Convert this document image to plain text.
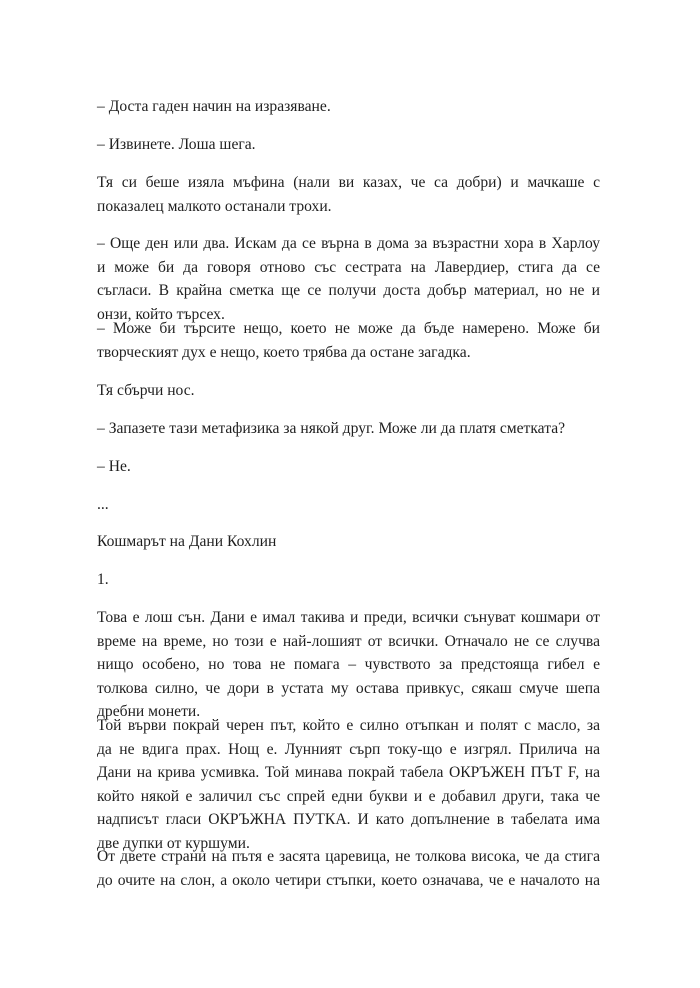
– Доста гаден начин на изразяване.

– Извинете. Лоша шега.

Тя си беше изяла мъфина (нали ви казах, че са добри) и мачкаше с
показалец малкото останали трохи.

– Още ден или два. Искам да се върна в дома за възрастни хора в Харлоу
и може би да говоря отново със сестрата на Лавердиер, стига да се
съгласи. В крайна сметка ще се получи доста добър материал, но не и
онзи, който търсех.

– Може би търсите нещо, което не може да бъде намерено. Може би
творческият дух е нещо, което трябва да остане загадка.

Тя сбърчи нос.

– Запазете тази метафизика за някой друг. Може ли да платя сметката?

– Не.

...

Кошмарът на Дани Кохлин

1.

Това е лош сън. Дани е имал такива и преди, всички сънуват кошмари от
време на време, но този е най-лошият от всички. Отначало не се случва
нищо особено, но това не помага – чувството за предстояща гибел е
толкова силно, че дори в устата му остава привкус, сякаш смуче шепа
дребни монети.

Той върви покрай черен път, който е силно отъпкан и полят с масло, за
да не вдига прах. Нощ е. Лунният сърп току-що е изгрял. Прилича на
Дани на крива усмивка. Той минава покрай табела ОКРЪЖЕН ПЪТ F, на
който някой е заличил със спрей едни букви и е добавил други, така че
надписът гласи ОКРЪЖНА ПУТКА. И като допълнение в табелата има
две дупки от куршуми.

От двете страни на пътя е засята царевица, не толкова висока, че да стига
до очите на слон, а около четири стъпки, което означава, че е началото на
